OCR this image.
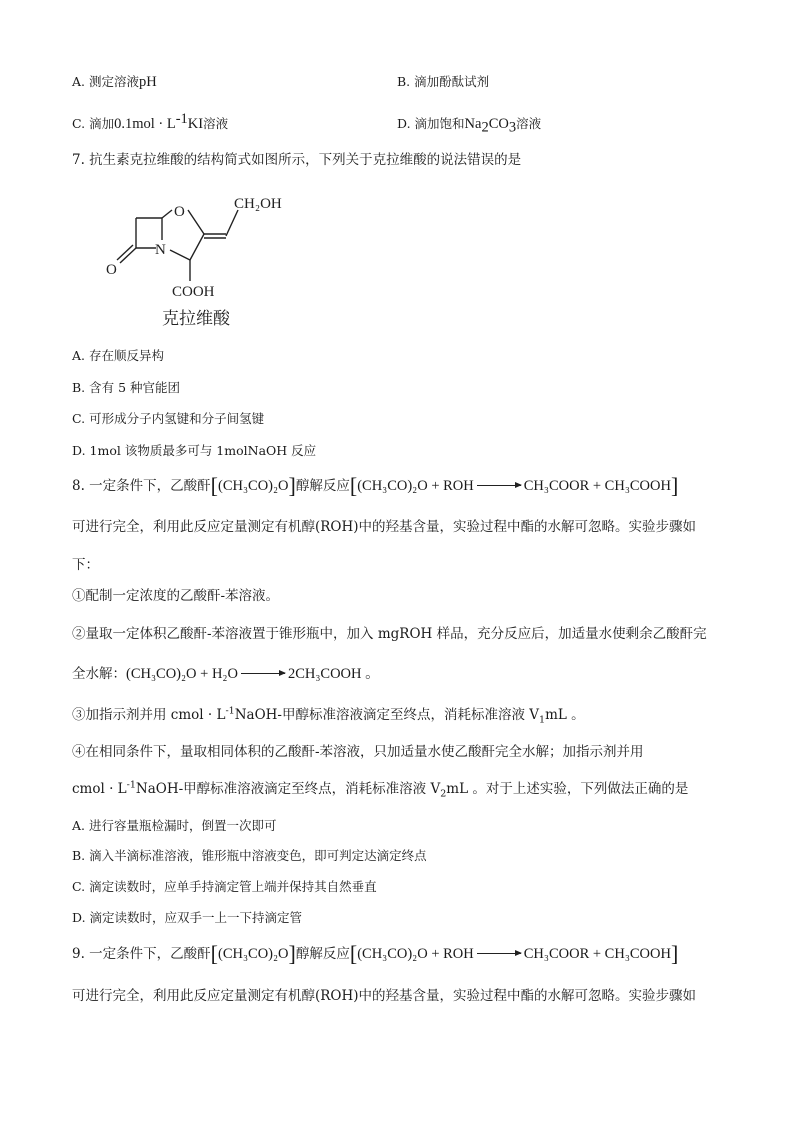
A. 测定溶液pH	B. 滴加酚酞试剂
C. 滴加$0.1mol \cdot L^{-1}KI$溶液	D. 滴加饱和$Na_2CO_3$溶液
7. 抗生素克拉维酸的结构简式如图所示，下列关于克拉维酸的说法错误的是
O
N
O
CH₂OH
COOH
克拉维酸
A. 存在顺反异构
B. 含有 5 种官能团
C. 可形成分子内氢键和分子间氢键
D. 1mol 该物质最多可与 1molNaOH 反应
8. 一定条件下，乙酸酐[(CH₃CO)₂O]醇解反应[(CH₃CO)₂O + ROH → CH₃COOR + CH₃COOH]
可进行完全，利用此反应定量测定有机醇(ROH)中的羟基含量，实验过程中酯的水解可忽略。实验步骤如
下：
①配制一定浓度的乙酸酐-苯溶液。
②量取一定体积乙酸酐-苯溶液置于锥形瓶中，加入 mgROH 样品，充分反应后，加适量水使剩余乙酸酐完
全水解：(CH₃CO)₂O + H₂O	2CH₃COOH 。
③加指示剂并用 cmol · $L^{-1}NaOH-$甲醇标准溶液滴定至终点，消耗标准溶液 $V_1mL$ 。
④在相同条件下，量取相同体积的乙酸酐-苯溶液，只加适量水使乙酸酐完全水解；加指示剂并用
cmol · $L^{-1}NaOH-$甲醇标准溶液滴定至终点，消耗标准溶液 $V_2mL$ 。对于上述实验，下列做法正确的是
A. 进行容量瓶检漏时，倒置一次即可
B. 滴入半滴标准溶液，锥形瓶中溶液变色，即可判定达滴定终点
C. 滴定读数时，应单手持滴定管上端并保持其自然垂直
D. 滴定读数时，应双手一上一下持滴定管
9. 一定条件下，乙酸酐[(CH₃CO)₂O]醇解反应[(CH₃CO)₂O + ROH	CH₃COOR + CH₃COOH]
可进行完全，利用此反应定量测定有机醇(ROH)中的羟基含量，实验过程中酯的水解可忽略。实验步骤如
